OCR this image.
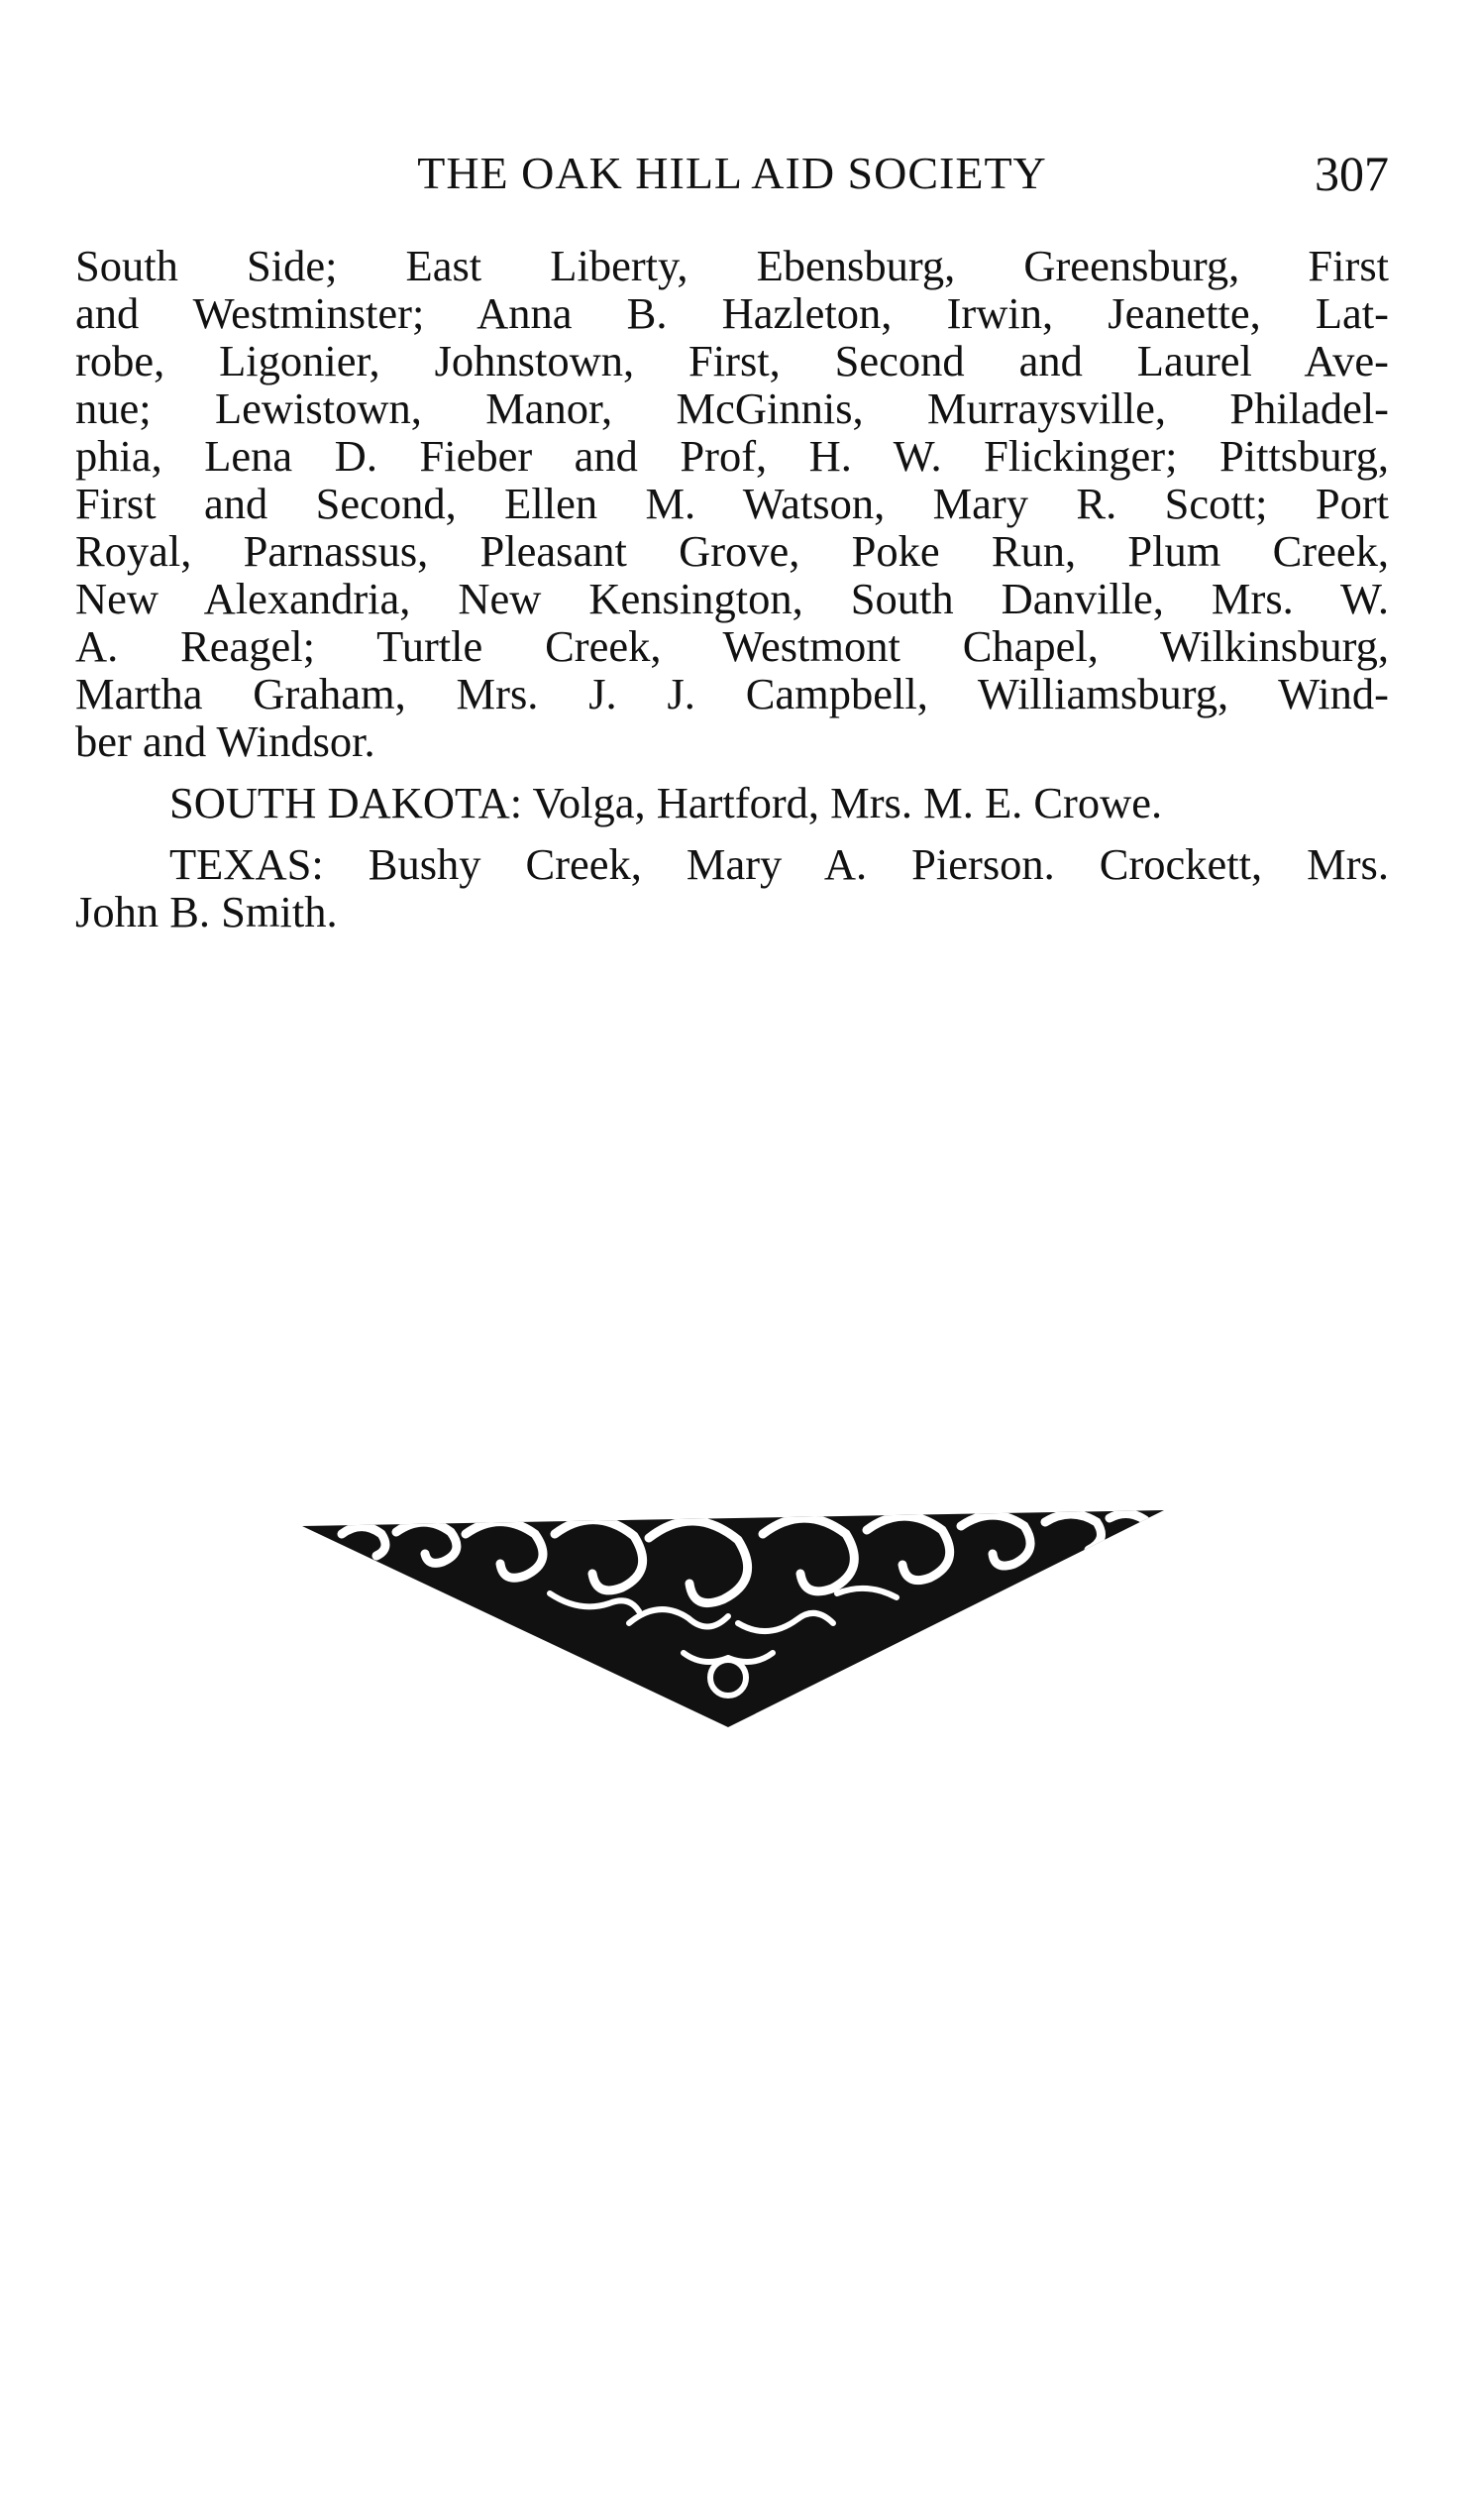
THE OAK HILL AID SOCIETY	307

South Side; East Liberty, Ebensburg, Greensburg, First
and Westminster; Anna B. Hazleton, Irwin, Jeanette, Lat-
robe, Ligonier, Johnstown, First, Second and Laurel Ave-
nue; Lewistown, Manor, McGinnis, Murraysville, Philadel-
phia, Lena D. Fieber and Prof, H. W. Flickinger; Pittsburg,
First and Second, Ellen M. Watson, Mary R. Scott; Port
Royal, Parnassus, Pleasant Grove, Poke Run, Plum Creek,
New Alexandria, New Kensington, South Danville, Mrs. W.
A. Reagel; Turtle Creek, Westmont Chapel, Wilkinsburg,
Martha Graham, Mrs. J. J. Campbell, Williamsburg, Wind-
ber and Windsor.

SOUTH DAKOTA: Volga, Hartford, Mrs. M. E. Crowe.

TEXAS: Bushy Creek, Mary A. Pierson. Crockett, Mrs.
John B. Smith.
